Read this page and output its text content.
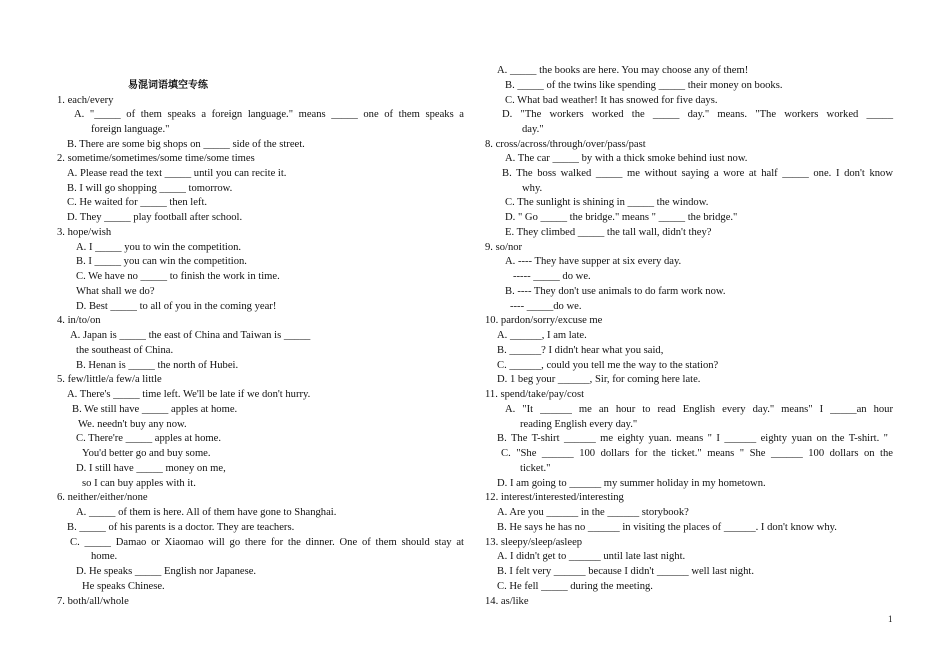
易混词语填空专练
1. each/every
A. "_____ of them speaks a foreign language." means _____ one of them speaks a
foreign language."
B. There are some big shops on _____ side of the street.
2. sometime/sometimes/some time/some times
A. Please read the text _____ until you can recite it.
B. I will go shopping _____ tomorrow.
C. He waited for _____ then left.
D. They _____ play football after school.
3. hope/wish
A. I _____ you to win the competition.
B. I _____ you can win the competition.
C. We have no _____ to finish the work in time.
What shall we do?
D. Best _____ to all of you in the coming year!
4. in/to/on
A. Japan is _____ the east of China and Taiwan is _____
the southeast of China.
B. Henan is _____ the north of Hubei.
5. few/little/a few/a little
A. There's _____ time left. We'll be late if we don't hurry.
B. We still have _____ apples at home.
We. needn't buy any now.
C. There're _____ apples at home.
You'd better go and buy some.
D. I still have _____ money on me,
so I can buy apples with it.
6. neither/either/none
A. _____ of them is here. All of them have gone to Shanghai.
B. _____ of his parents is a doctor. They are teachers.
C. _____ Damao or Xiaomao will go there for the dinner. One of them should stay at
home.
D. He speaks _____ English nor Japanese.
He speaks Chinese.
7. both/all/whole
A. _____ the books are here. You may choose any of them!
B. _____ of the twins like spending _____ their money on books.
C. What bad weather! It has snowed for five days.
D. "The workers worked the _____ day." means. "The workers worked _____
day."
8. cross/across/through/over/pass/past
A. The car _____ by with a thick smoke behind iust now.
B. The boss walked _____ me without saying a wore at half _____ one. I don't know
why.
C. The sunlight is shining in _____ the window.
D. " Go _____ the bridge." means " _____ the bridge."
E. They climbed _____ the tall wall, didn't they?
9. so/nor
A. ---- They have supper at six every day.
----- _____ do we.
B. ---- They don't use animals to do farm work now.
---- _____do we.
10. pardon/sorry/excuse me
A. ______, I am late.
B. ______? I didn't hear what you said,
C. ______, could you tell me the way to the station?
D. 1 beg your ______, Sir, for coming here late.
11. spend/take/pay/cost
A. "It ______ me an hour to read English every day." means" I _____an hour
reading English every day."
B. The T-shirt ______ me eighty yuan. means " I ______ eighty yuan on the T-shirt. "
C. "She ______ 100 dollars for the ticket." means " She ______ 100 dollars on the
ticket."
D. I am going to ______ my summer holiday in my hometown.
12. interest/interested/interesting
A. Are you ______ in the ______ storybook?
B. He says he has no ______ in visiting the places of ______. I don't know why.
13. sleepy/sleep/asleep
A. I didn't get to ______ until late last night.
B. I felt very ______ because I didn't ______ well last night.
C. He fell _____ during the meeting.
14. as/like
1
